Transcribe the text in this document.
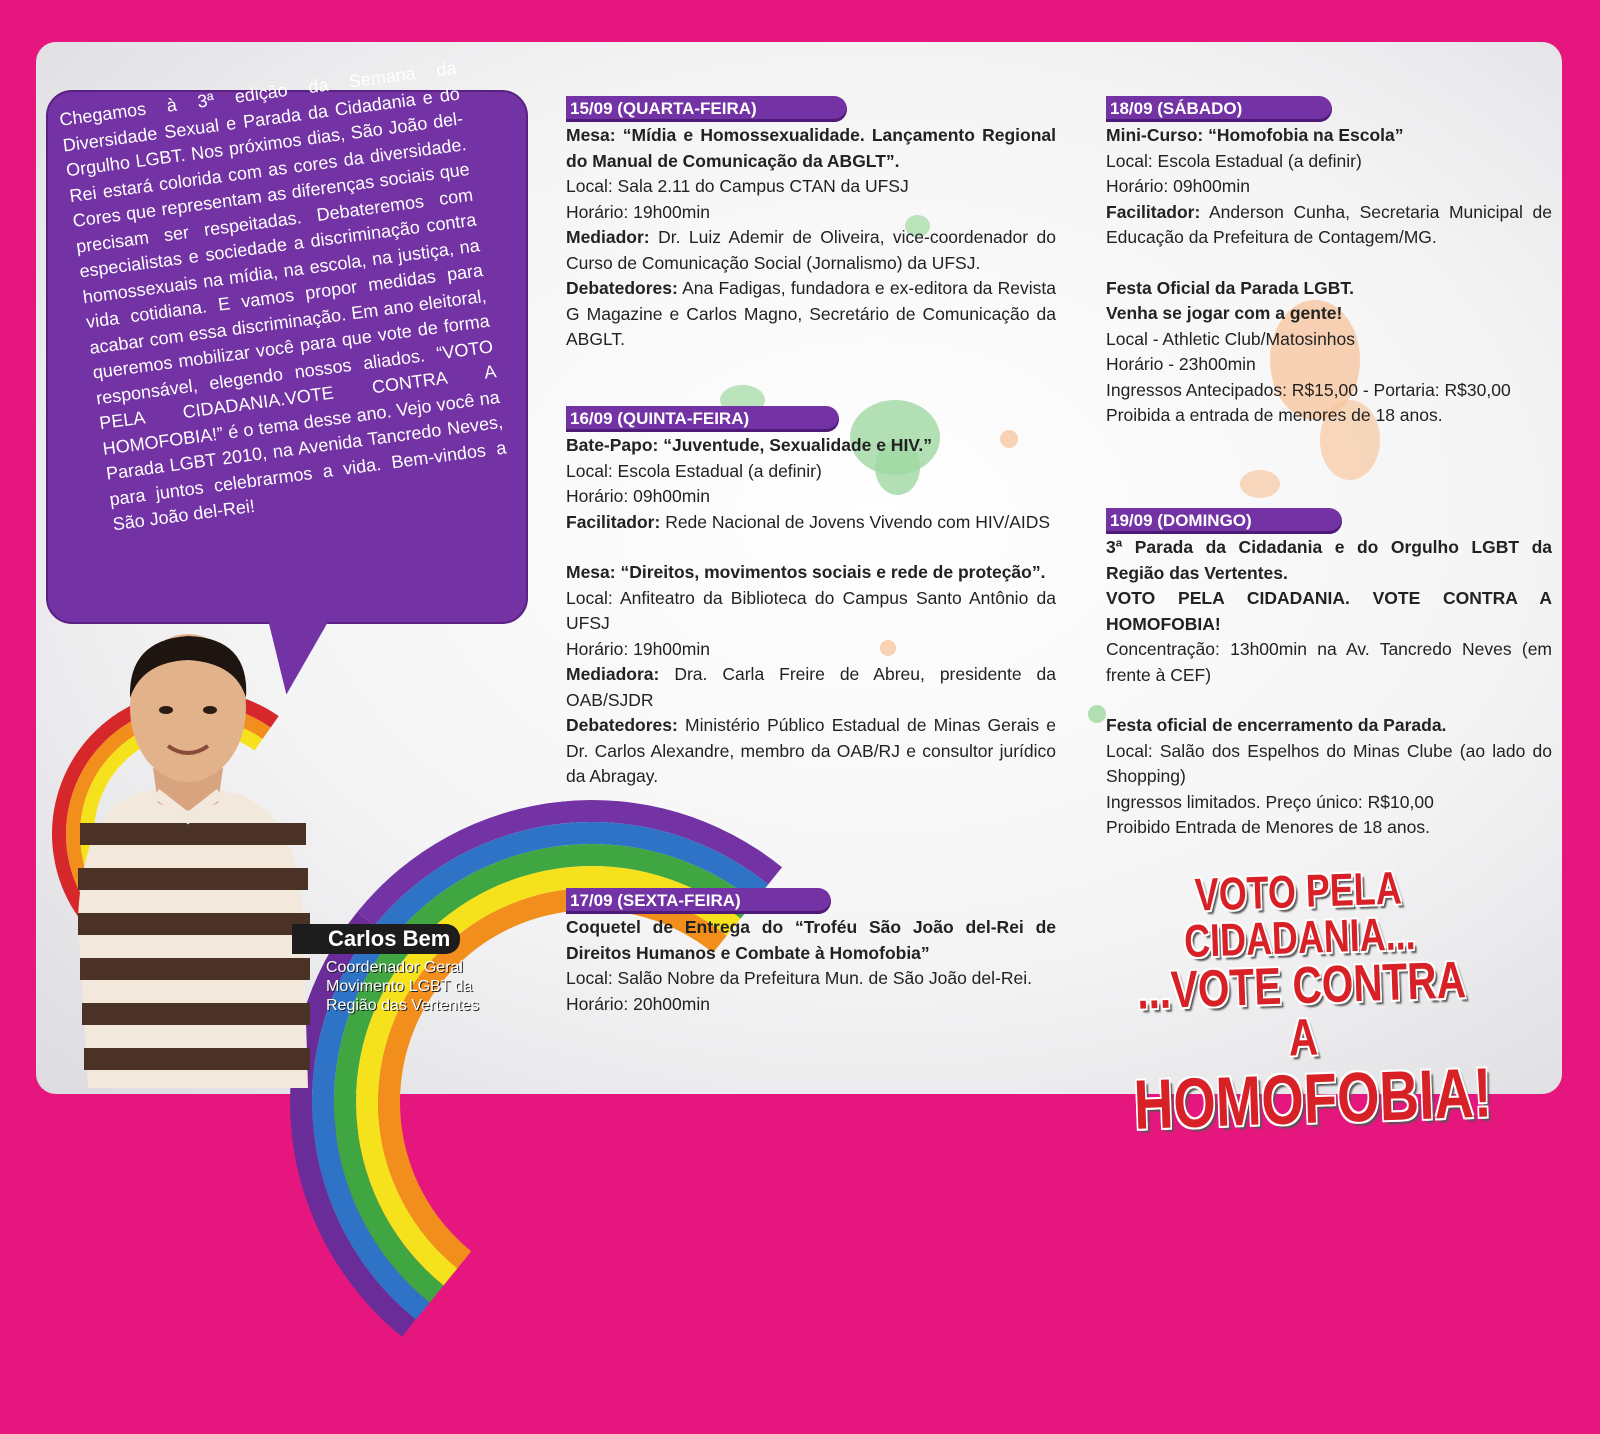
Chegamos à 3ª edição da Semana da Diversidade Sexual e Parada da Cidadania e do Orgulho LGBT. Nos próximos dias, São João del-Rei estará colorida com as cores da diversidade. Cores que representam as diferenças sociais que precisam ser respeitadas. Debateremos com especialistas e sociedade a discriminação contra homossexuais na mídia, na escola, na justiça, na vida cotidiana. E vamos propor medidas para acabar com essa discriminação. Em ano eleitoral, queremos mobilizar você para que vote de forma responsável, elegendo nossos aliados. “VOTO PELA CIDADANIA.VOTE CONTRA A HOMOFOBIA!” é o tema desse ano. Vejo você na Parada LGBT 2010, na Avenida Tancredo Neves, para juntos celebrarmos a vida. Bem-vindos a São João del-Rei!
Carlos Bem
Coordenador Geral
Movimento LGBT da
Região das Vertentes
15/09 (QUARTA-FEIRA)

Mesa: “Mídia e Homossexualidade. Lançamento Regional do Manual de Comunicação da ABGLT”.

Local: Sala 2.11 do Campus CTAN da UFSJ

Horário: 19h00min

Mediador: Dr. Luiz Ademir de Oliveira, vice-coordenador do Curso de Comunicação Social (Jornalismo) da UFSJ.

Debatedores: Ana Fadigas, fundadora e ex-editora da Revista G Magazine e Carlos Magno, Secretário de Comunicação da ABGLT.

16/09 (QUINTA-FEIRA)

Bate-Papo: “Juventude, Sexualidade e HIV.”

Local: Escola Estadual (a definir)

Horário: 09h00min

Facilitador: Rede Nacional de Jovens Vivendo com HIV/AIDS

Mesa: “Direitos, movimentos sociais e rede de proteção”.

Local: Anfiteatro da Biblioteca do Campus Santo Antônio da UFSJ

Horário: 19h00min

Mediadora: Dra. Carla Freire de Abreu, presidente da OAB/SJDR

Debatedores: Ministério Público Estadual de Minas Gerais e Dr. Carlos Alexandre, membro da OAB/RJ e consultor jurídico da Abragay.

17/09 (SEXTA-FEIRA)

Coquetel de Entrega do “Troféu São João del-Rei de Direitos Humanos e Combate à Homofobia”

Local: Salão Nobre da Prefeitura Mun. de São João del-Rei.

Horário: 20h00min

18/09 (SÁBADO)

Mini-Curso: “Homofobia na Escola”

Local: Escola Estadual (a definir)

Horário: 09h00min

Facilitador: Anderson Cunha, Secretaria Municipal de Educação da Prefeitura de Contagem/MG.

Festa Oficial da Parada LGBT.

Venha se jogar com a gente!

Local - Athletic Club/Matosinhos

Horário - 23h00min

Ingressos Antecipados: R$15,00 - Portaria: R$30,00

Proibida a entrada de menores de 18 anos.

19/09 (DOMINGO)

3ª Parada da Cidadania e do Orgulho LGBT da Região das Vertentes.

VOTO PELA CIDADANIA. VOTE CONTRA A HOMOFOBIA!

Concentração: 13h00min na Av. Tancredo Neves (em frente à CEF)

Festa oficial de encerramento da Parada.

Local: Salão dos Espelhos do Minas Clube (ao lado do Shopping)

Ingressos limitados. Preço único: R$10,00

Proibido Entrada de Menores de 18 anos.

VOTO PELA CIDADANIA...
...VOTE CONTRA A
HOMOFOBIA!
